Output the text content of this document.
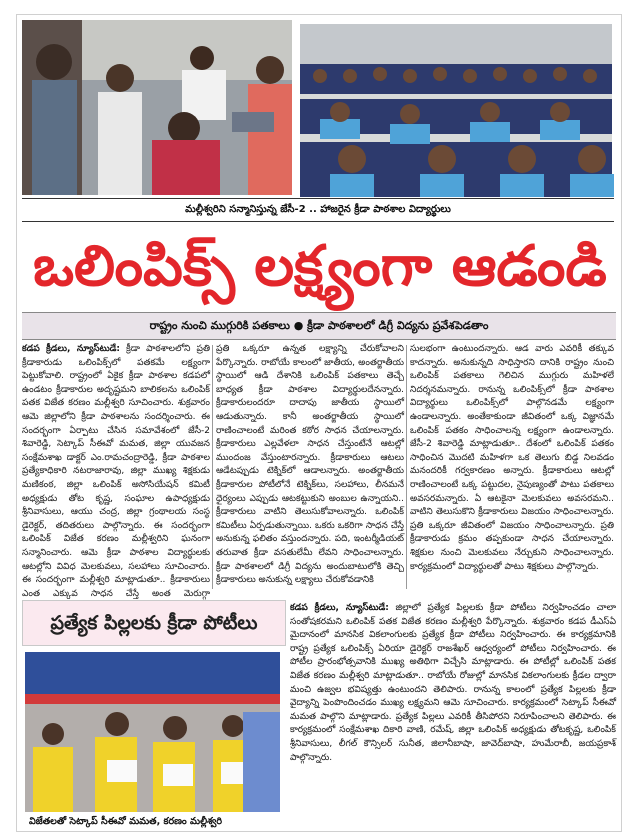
మల్లీశ్వరిని సన్మానిస్తున్న జేసీ-2 .. హాజరైన క్రీడా పాఠశాల విద్యార్థులు
ఒలింపిక్స్ లక్ష్యంగా ఆడండి
రాష్ట్రం నుంచి ముగ్గురికి పతకాలు ● క్రీడా పాఠశాలలో డిగ్రీ విద్యను ప్రవేశపెడతాం
కడప క్రీడలు, న్యూస్‌టుడే: క్రీడా పాఠశాలలోని ప్రతి క్రీడాకారుడు ఒలింపిక్స్‌లో పతకమే లక్ష్యంగా పెట్టుకోవాలి. రాష్ట్రంలో ఏకైక క్రీడా పాఠశాల కడపలో ఉండటం క్రీడాకారుల అదృష్టమని బాలికలను ఒలింపిక్ పతక విజేత కరణం మల్లీశ్వరి సూచించారు. శుక్రవారం ఆమె జిల్లాలోని క్రీడా పాఠశాలను సందర్శించారు. ఈ సందర్భంగా ఏర్పాటు చేసిన సమావేశంలో జేసీ-2 శివారెడ్డి, సెట్కాప్ సీఈవో మమత, జిల్లా యువజన సంక్షేమశాఖ డాక్టర్ ఎం.రామచంద్రారెడ్డి, క్రీడా పాఠశాల ప్రత్యేకాధికారి నటరాజారావు, జిల్లా ముఖ్య శిక్షకుడు మణికంఠ, జిల్లా ఒలింపిక్ అసోసియేషన్ కమిటీ అధ్యక్షుడు తోట కృష్ణ, సంఘాల ఉపాధ్యక్షుడు శ్రీనివాసులు, ఆయు చంద్ర, జిల్లా గ్రంథాలయ సంస్థ డైరెక్టర్, తదితరులు పాల్గొన్నారు. ఈ సందర్భంగా ఒలింపిక్ విజేత కరణం మల్లీశ్వరిని ఘనంగా సన్మానించారు. ఆమె క్రీడా పాఠశాల విద్యార్థులకు ఆటల్లోని వివిధ మెలకువలు, సలహాలు సూచించారు. ఈ సందర్భంగా మల్లీశ్వరి మాట్లాడుతూ.. క్రీడాకారులు ఎంత ఎక్కువ సాధన చేస్తే అంత మెరుగ్గా
ప్రతి ఒక్కరూ ఉన్నత లక్ష్యాన్ని చేరుకోవాలని పేర్కొన్నారు. రాబోయే కాలంలో జాతీయ, అంతర్జాతీయ స్థాయిలో ఆడి దేశానికి ఒలింపిక్ పతకాలు తెచ్చే బాధ్యత క్రీడా పాఠశాల విద్యార్థులదేనన్నారు. క్రీడాకారులందరూ దాదాపు జాతీయ స్థాయిలో ఆడుతున్నారు. కానీ అంతర్జాతీయ స్థాయిలో రాణించాలంటే మరింత కఠోర సాధన చేయాలన్నారు. క్రీడాకారులు ఎల్లవేళలా సాధన చేస్తుంటేనే ఆటల్లో ముందంజ వేస్తుంటారన్నారు. క్రీడాకారులు ఆటలు ఆడేటప్పుడు టెక్నిక్‌లో ఆడాలన్నారు. అంతర్జాతీయ క్రీడాకారుల పోటీలోనే టెక్నిక్‌లు, సలహాలు, లీనమనే ధైర్యంలు ఎప్పుడు ఆటకట్టుకుని అంబుల ఉన్నాయని.. క్రీడాకారులు వాటిని తెలుసుకోవాలన్నారు. ఒలింపిక్ కమిటీలు ఏర్పడుతున్నాయి. ఒకరు ఒకరిగా సాధన చేస్తే అనుకున్న ఫలితం వస్తుందన్నారు. పది, ఇంటర్మీడియట్ తరువాత క్రీడా వసతులేమీ లేవని సాధించాలన్నారు. క్రీడా పాఠశాలలో డిగ్రీ విద్యను అందుబాటులోకి తెచ్చి క్రీడాకారులు అనుకున్న లక్ష్యాలు చేరుకోవడానికి
సులభంగా ఉంటుందన్నారు. ఆడ వారు ఎవరికీ తక్కువ కాదన్నారు. అనుకున్నది సాధిస్తారని దానికి రాష్ట్రం నుంచి ఒలింపిక్ పతకాలు గెలిచిన ముగ్గురు మహిళలే నిదర్శనమన్నారు. రానున్న ఒలింపిక్స్‌లో క్రీడా పాఠశాల విద్యార్థులు ఒలింపిక్స్‌లో పాల్గొనడమే లక్ష్యంగా ఉండాలన్నారు. అంతేకాకుండా జీవితంలో ఒక్క విజ్ఞానమే ఒలింపిక్ పతకం సాధించాలన్న లక్ష్యంగా ఉండాలన్నారు. జేసీ-2 శివారెడ్డి మాట్లాడుతూ.. దేశంలో ఒలింపిక్ పతకం సాధించిన మొదటి మహిళగా ఒక తెలుగు బిడ్డ నిలవడం మనందరికీ గర్వకారణం అన్నారు. క్రీడాకారులు ఆటల్లో రాణించాలంటే ఒక్క పట్టుదల, నైపుణ్యంతో పాటు పతకాలు అవసరమన్నారు. ఏ ఆటకైనా మెలకువలు అవసరమని.. వాటిని తెలుసుకొని క్రీడాకారులు విజయం సాధించాలన్నారు. ప్రతి ఒక్కరూ జీవితంలో విజయం సాధించాలన్నారు. ప్రతి క్రీడాకారుడు క్రమం తప్పకుండా సాధన చేయాలన్నారు. శిక్షకుల నుంచి మెలకువలు నేర్చుకుని సాధించాలన్నారు. కార్యక్రమంలో విద్యార్థులతో పాటు శిక్షకులు పాల్గొన్నారు.
ప్రత్యేక పిల్లలకు క్రీడా పోటీలు
విజేతలతో సెట్కాప్ సీఈవో మమత, కరణం మల్లీశ్వరి
కడప క్రీడలు, న్యూస్‌టుడే: జిల్లాలో ప్రత్యేక పిల్లలకు క్రీడా పోటీలు నిర్వహించడం చాలా సంతోషకరమని ఒలింపిక్ పతక విజేత కరణం మల్లీశ్వరి పేర్కొన్నారు. శుక్రవారం కడప డీఎస్ఏ మైదానంలో మానసిక వికలాంగులకు ప్రత్యేక క్రీడా పోటీలు నిర్వహించారు. ఈ కార్యక్రమానికి రాష్ట్ర ప్రత్యేక ఒలింపిక్స్ ఏరియా డైరెక్టర్ రాజశేఖర్ ఆధ్వర్యంలో పోటీలు నిర్వహించారు. ఈ పోటీల ప్రారంభోత్సవానికి ముఖ్య అతిథిగా విచ్చేసి మాట్లాడారు. ఈ పోటీల్లో ఒలింపిక్ పతక విజేత కరణం మల్లీశ్వరి మాట్లాడుతూ.. రాబోయే రోజుల్లో మానసిక వికలాంగులకు క్రీడల ద్వారా మంచి ఉజ్వల భవిష్యత్తు ఉంటుందని తెలిపారు. రానున్న కాలంలో ప్రత్యేక పిల్లలకు క్రీడా వైద్యాన్ని పెంపొందించడం ముఖ్య లక్ష్యమని ఆమె సూచించారు. కార్యక్రమంలో సెట్కాప్ సీఈవో మమత పాల్గొని మాట్లాడారు. ప్రత్యేక పిల్లలు ఎవరికీ తీసిపోరని నిరూపించాలని తెలిపారు. ఈ కార్యక్రమంలో సంక్షేమశాఖ దికారి వాణి, రమేష్, జిల్లా ఒలింపిక్ అధ్యక్షుడు తోటకృష్ణ, ఒలింపిక్ శ్రీనివాసులు, లీగల్ కౌన్సిలర్ సునీత, జిలానీబాషా, జావెద్‌బాషా, హుమేరాబీ, జయప్రకాశ్ పాల్గొన్నారు.
